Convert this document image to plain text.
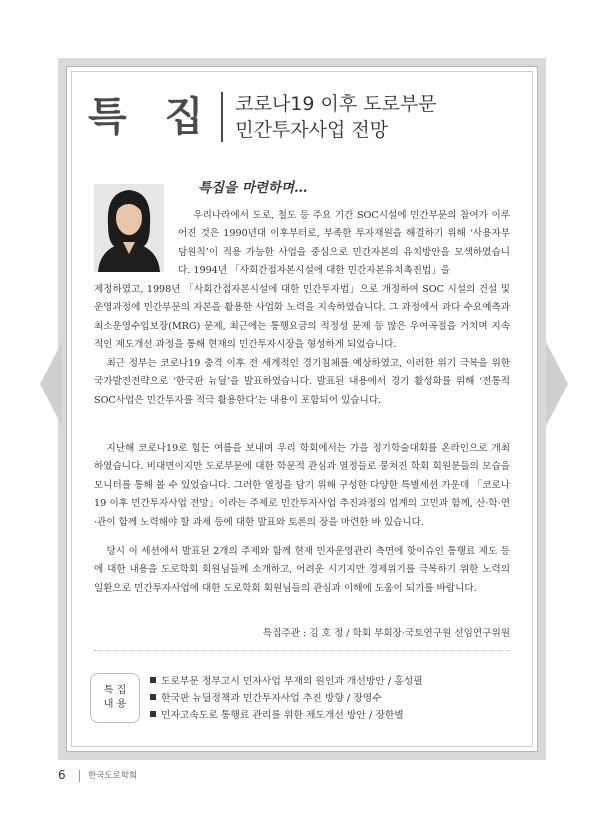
특 집 코로나19 이후 도로부문
민간투자사업 전망
특집을 마련하며…

우리나라에서 도로, 철도 등 주요 기간 SOC시설에 민간부문의 참여가 이루어진 것은 1990년대 이후부터로, 부족한 투자재원을 해결하기 위해 ‘사용자부담원칙’이 적용 가능한 사업을 중심으로 민간자본의 유치방안을 모색하였습니다. 1994년 「사회간접자본시설에 대한 민간자본유치촉진법」을

제정하였고, 1998년 「사회간접자본시설에 대한 민간투자법」으로 개정하여 SOC 시설의 건설 및 운영과정에 민간부문의 자본을 활용한 사업화 노력을 지속하였습니다. 그 과정에서 과다 수요예측과 최소운영수입보장(MRG) 문제, 최근에는 통행요금의 적정성 문제 등 많은 우여곡절을 거치며 지속적인 제도개선 과정을 통해 현재의 민간투자시장을 형성하게 되었습니다.

최근 정부는 코로나19 충격 이후 전 세계적인 경기침체를 예상하였고, 이러한 위기 극복을 위한 국가발전전략으로 ‘한국판 뉴딜’을 발표하였습니다. 발표된 내용에서 경기 활성화를 위해 ‘전통적 SOC사업은 민간투자를 적극 활용한다’는 내용이 포함되어 있습니다.

지난해 코로나19로 힘든 여름을 보내며 우리 학회에서는 가을 정기학술대회를 온라인으로 개최하였습니다. 비대면이지만 도로부문에 대한 학문적 관심과 열정들로 뭉쳐진 학회 회원분들의 모습을 모니터를 통해 볼 수 있었습니다. 그러한 열정을 담기 위해 구성한 다양한 특별세션 가운데 「코로나19 이후 민간투자사업 전망」이라는 주제로 민간투자사업 추진과정의 업계의 고민과 함께, 산·학·연·관이 함께 노력해야 할 과제 등에 대한 발표와 토론의 장을 마련한 바 있습니다.

당시 이 세션에서 발표된 2개의 주제와 함께 현재 민자운영관리 측면에 핫이슈인 통행료 제도 등에 대한 내용을 도로학회 회원님들께 소개하고, 어려운 시기지만 경제위기를 극복하기 위한 노력의 일환으로 민간투자사업에 대한 도로학회 회원님들의 관심과 이해에 도움이 되기를 바랍니다.

특집주관 : 김 호 정 / 학회 부회장·국토연구원 선임연구위원
특 집
내 용
도로부문 정부고시 민자사업 부재의 원인과 개선방안 / 홍성필
한국판 뉴딜정책과 민간투자사업 추진 방향 / 장영수
민자고속도로 통행료 관리를 위한 제도개선 방안 / 장한별
6	한국도로학회
